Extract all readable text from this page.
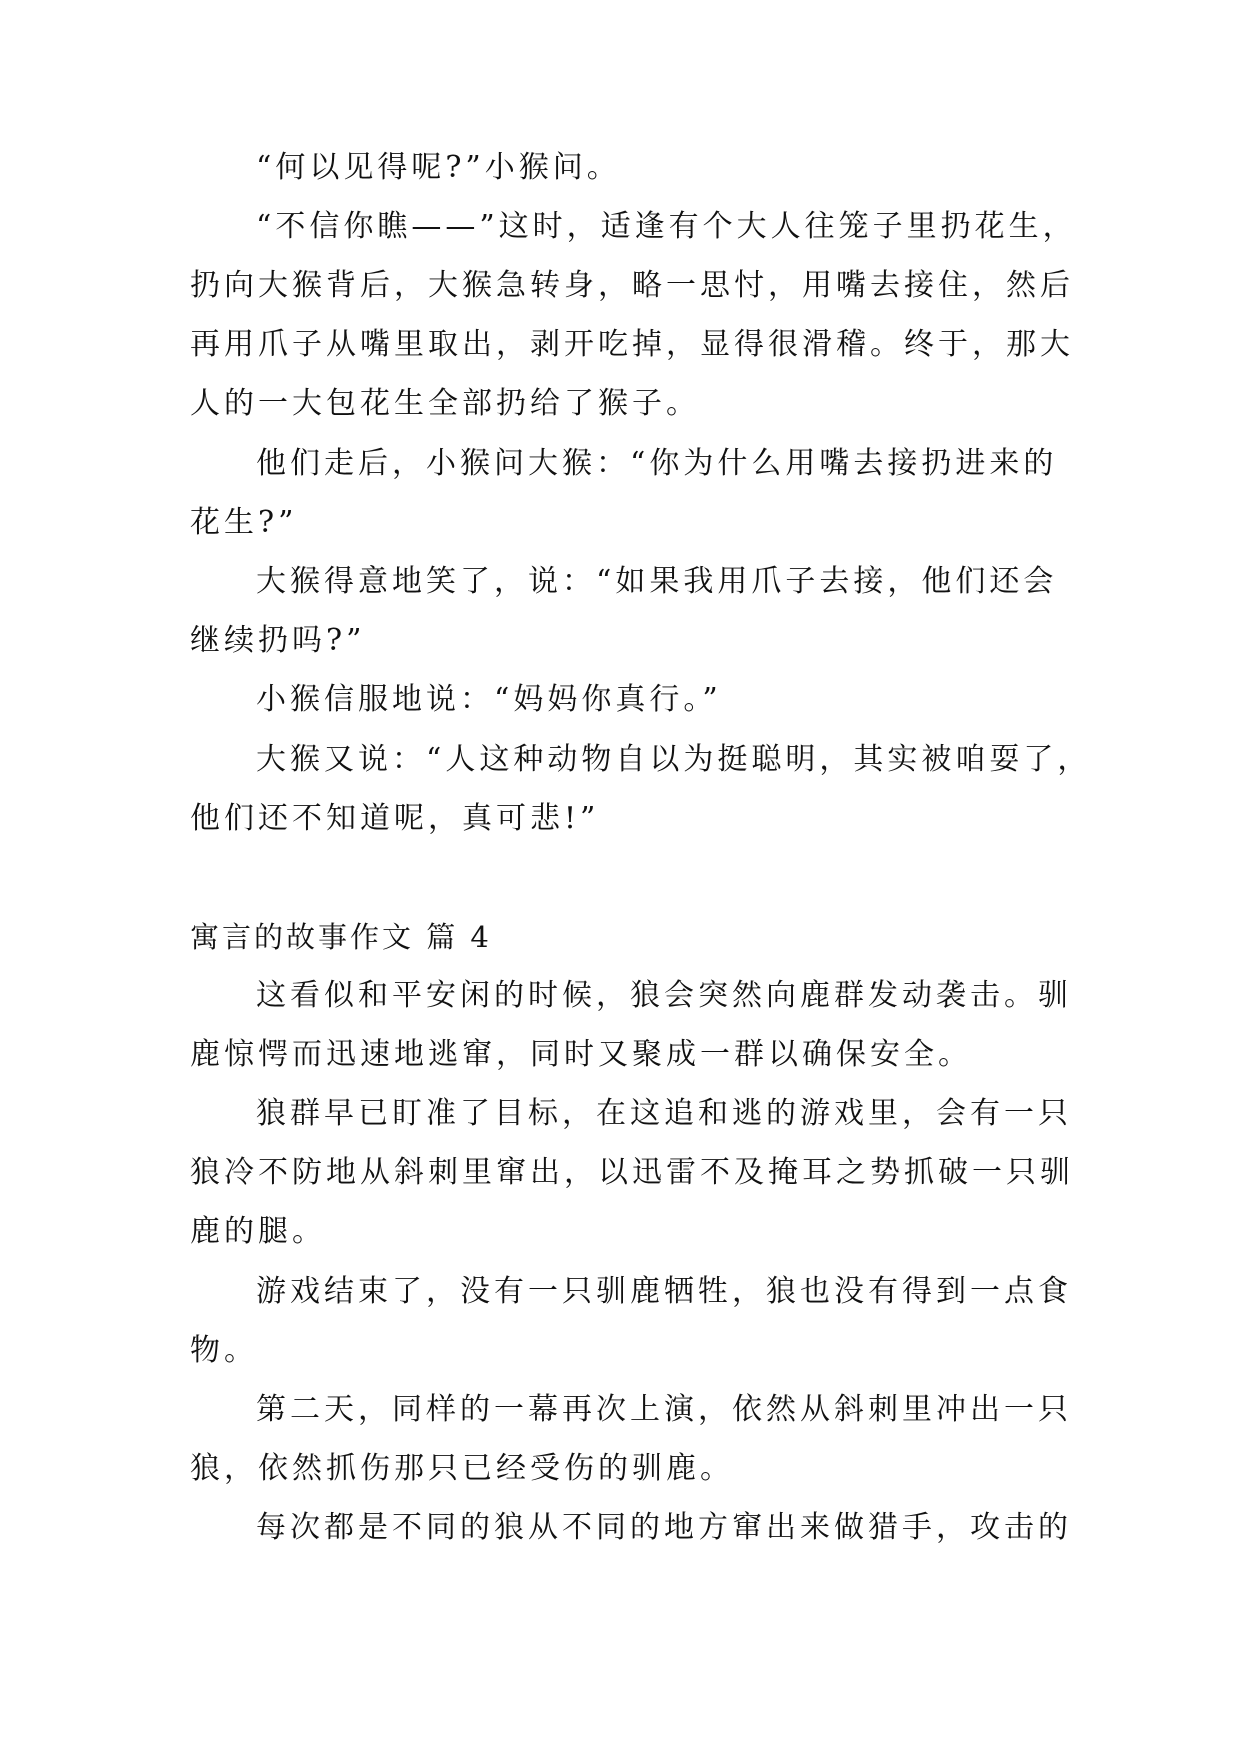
“何以见得呢?”小猴问。
“不信你瞧——”这时，适逢有个大人往笼子里扔花生，
扔向大猴背后，大猴急转身，略一思忖，用嘴去接住，然后
再用爪子从嘴里取出，剥开吃掉，显得很滑稽。终于，那大
人的一大包花生全部扔给了猴子。
他们走后，小猴问大猴：“你为什么用嘴去接扔进来的
花生?”
大猴得意地笑了，说：“如果我用爪子去接，他们还会
继续扔吗?”
小猴信服地说：“妈妈你真行。”
大猴又说：“人这种动物自以为挺聪明，其实被咱耍了，
他们还不知道呢，真可悲!”
寓言的故事作文 篇 4
这看似和平安闲的时候，狼会突然向鹿群发动袭击。驯
鹿惊愕而迅速地逃窜，同时又聚成一群以确保安全。
狼群早已盯准了目标，在这追和逃的游戏里，会有一只
狼冷不防地从斜刺里窜出，以迅雷不及掩耳之势抓破一只驯
鹿的腿。
游戏结束了，没有一只驯鹿牺牲，狼也没有得到一点食
物。
第二天，同样的一幕再次上演，依然从斜刺里冲出一只
狼，依然抓伤那只已经受伤的驯鹿。
每次都是不同的狼从不同的地方窜出来做猎手，攻击的
